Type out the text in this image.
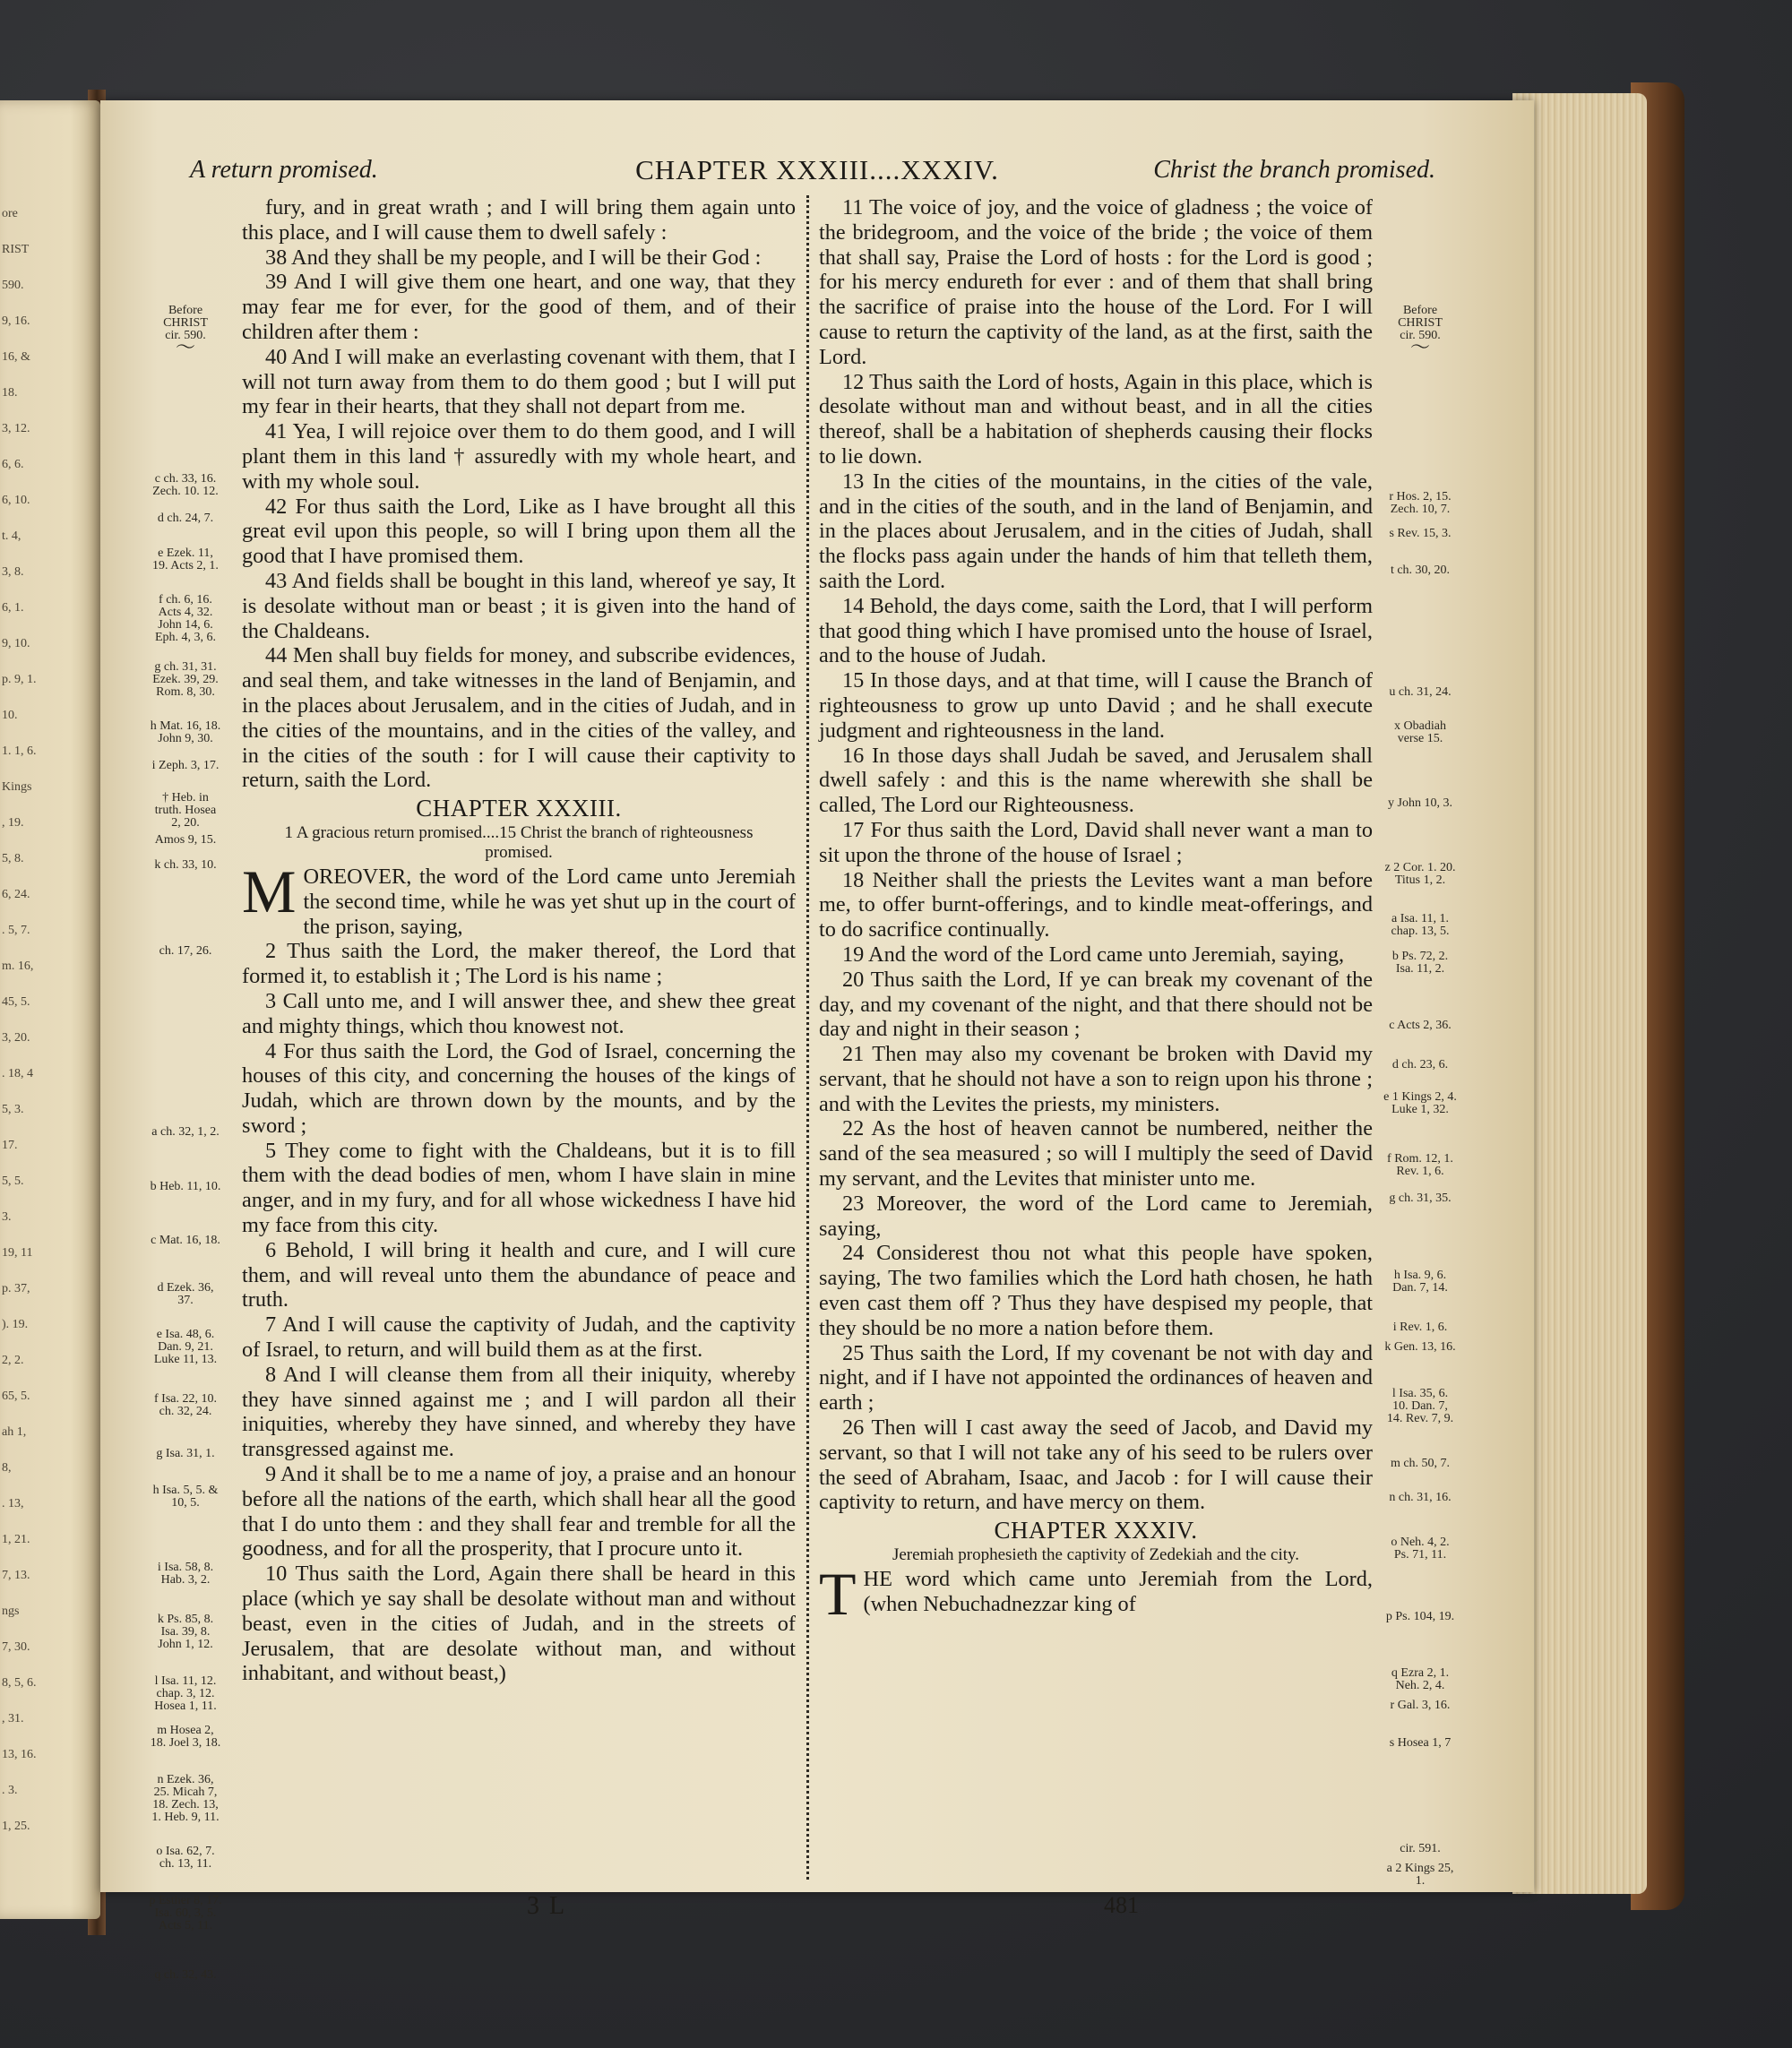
ore
RIST
590.
9, 16.
16, &
18.
3, 12.
6, 6.
6, 10.
t. 4,
3, 8.
6, 1.
9, 10.
p. 9, 1.
10.
1. 1, 6.
Kings
, 19.
5, 8.
6, 24.
. 5, 7.
m. 16,
45, 5.
3, 20.
. 18, 4
5, 3.
17.
5, 5.
3.
19, 11
p. 37,
). 19.
2, 2.
65, 5.
ah 1,
8,
. 13,
1, 21.
7, 13.
ngs
7, 30.
8, 5, 6.
, 31.
13, 16.
. 3.
1, 25.
CHAPTER XXXIII....XXXIV.
A return promised.	Christ the branch promised.
Before
CHRIST
cir. 590.
〜
c ch. 33, 16. Zech. 10. 12.
d ch. 24, 7.
e Ezek. 11, 19. Acts 2, 1.
f ch. 6, 16. Acts 4, 32. John 14, 6. Eph. 4, 3, 6.
g ch. 31, 31. Ezek. 39, 29. Rom. 8, 30.
h Mat. 16, 18. John 9, 30.
i Zeph. 3, 17.
† Heb. in truth. Hosea 2, 20.
Amos 9, 15.
k ch. 33, 10.
ch. 17, 26.
a ch. 32, 1, 2.
b Heb. 11, 10.
c Mat. 16, 18.
d Ezek. 36, 37.
e Isa. 48, 6. Dan. 9, 21. Luke 11, 13.
f Isa. 22, 10. ch. 32, 24.
g Isa. 31, 1.
h Isa. 5, 5. & 10, 5.
i Isa. 58, 8. Hab. 3, 2.
k Ps. 85, 8. Isa. 39, 8. John 1, 12.
l Isa. 11, 12. chap. 3, 12. Hosea 1, 11.
m Hosea 2, 18. Joel 3, 18.
n Ezek. 36, 25. Micah 7, 18. Zech. 13, 1. Heb. 9, 11.
o Isa. 62, 7. ch. 13, 11.
p Esther 8, 17. Isa. 60, 3, 5. Acts 5, 11.
q ch. 32, 43.
Before
CHRIST
cir. 590.
〜
r Hos. 2, 15. Zech. 10, 7.
s Rev. 15, 3.
t ch. 30, 20.
u ch. 31, 24.
x Obadiah verse 15.
y John 10, 3.
z 2 Cor. 1. 20. Titus 1, 2.
a Isa. 11, 1. chap. 13, 5.
b Ps. 72, 2. Isa. 11, 2.
c Acts 2, 36.
d ch. 23, 6.
e 1 Kings 2, 4. Luke 1, 32.
f Rom. 12, 1. Rev. 1, 6.
g ch. 31, 35.
h Isa. 9, 6. Dan. 7, 14.
i Rev. 1, 6.
k Gen. 13, 16.
l Isa. 35, 6. 10. Dan. 7, 14. Rev. 7, 9.
m ch. 50, 7.
n ch. 31, 16.
o Neh. 4, 2. Ps. 71, 11.
p Ps. 104, 19.
q Ezra 2, 1. Neh. 2, 4.
r Gal. 3, 16.
s Hosea 1, 7
cir. 591.
a 2 Kings 25, 1.

fury, and in great wrath ; and I will bring them again unto this place, and I will cause them to dwell safely :

38 And they shall be my people, and I will be their God :

39 And I will give them one heart, and one way, that they may fear me for ever, for the good of them, and of their children after them :

40 And I will make an everlasting covenant with them, that I will not turn away from them to do them good ; but I will put my fear in their hearts, that they shall not depart from me.

41 Yea, I will rejoice over them to do them good, and I will plant them in this land † assuredly with my whole heart, and with my whole soul.

42 For thus saith the Lord, Like as I have brought all this great evil upon this people, so will I bring upon them all the good that I have promised them.

43 And fields shall be bought in this land, whereof ye say, It is desolate without man or beast ; it is given into the hand of the Chaldeans.

44 Men shall buy fields for money, and subscribe evidences, and seal them, and take witnesses in the land of Benjamin, and in the places about Jerusalem, and in the cities of Judah, and in the cities of the mountains, and in the cities of the valley, and in the cities of the south : for I will cause their captivity to return, saith the Lord.

CHAPTER XXXIII.

1 A gracious return promised....15 Christ the branch of righteousness promised.

MOREOVER, the word of the Lord came unto Jeremiah the second time, while he was yet shut up in the court of the prison, saying,

2 Thus saith the Lord, the maker thereof, the Lord that formed it, to establish it ; The Lord is his name ;

3 Call unto me, and I will answer thee, and shew thee great and mighty things, which thou knowest not.

4 For thus saith the Lord, the God of Israel, concerning the houses of this city, and concerning the houses of the kings of Judah, which are thrown down by the mounts, and by the sword ;

5 They come to fight with the Chaldeans, but it is to fill them with the dead bodies of men, whom I have slain in mine anger, and in my fury, and for all whose wickedness I have hid my face from this city.

6 Behold, I will bring it health and cure, and I will cure them, and will reveal unto them the abundance of peace and truth.

7 And I will cause the captivity of Judah, and the captivity of Israel, to return, and will build them as at the first.

8 And I will cleanse them from all their iniquity, whereby they have sinned against me ; and I will pardon all their iniquities, whereby they have sinned, and whereby they have transgressed against me.

9 And it shall be to me a name of joy, a praise and an honour before all the nations of the earth, which shall hear all the good that I do unto them : and they shall fear and tremble for all the goodness, and for all the prosperity, that I procure unto it.

10 Thus saith the Lord, Again there shall be heard in this place (which ye say shall be desolate without man and without beast, even in the cities of Judah, and in the streets of Jerusalem, that are desolate without man, and without inhabitant, and without beast,)

11 The voice of joy, and the voice of gladness ; the voice of the bridegroom, and the voice of the bride ; the voice of them that shall say, Praise the Lord of hosts : for the Lord is good ; for his mercy endureth for ever : and of them that shall bring the sacrifice of praise into the house of the Lord. For I will cause to return the captivity of the land, as at the first, saith the Lord.

12 Thus saith the Lord of hosts, Again in this place, which is desolate without man and without beast, and in all the cities thereof, shall be a habitation of shepherds causing their flocks to lie down.

13 In the cities of the mountains, in the cities of the vale, and in the cities of the south, and in the land of Benjamin, and in the places about Jerusalem, and in the cities of Judah, shall the flocks pass again under the hands of him that telleth them, saith the Lord.

14 Behold, the days come, saith the Lord, that I will perform that good thing which I have promised unto the house of Israel, and to the house of Judah.

15 In those days, and at that time, will I cause the Branch of righteousness to grow up unto David ; and he shall execute judgment and righteousness in the land.

16 In those days shall Judah be saved, and Jerusalem shall dwell safely : and this is the name wherewith she shall be called, The Lord our Righteousness.

17 For thus saith the Lord, David shall never want a man to sit upon the throne of the house of Israel ;

18 Neither shall the priests the Levites want a man before me, to offer burnt-offerings, and to kindle meat-offerings, and to do sacrifice continually.

19 And the word of the Lord came unto Jeremiah, saying,

20 Thus saith the Lord, If ye can break my covenant of the day, and my covenant of the night, and that there should not be day and night in their season ;

21 Then may also my covenant be broken with David my servant, that he should not have a son to reign upon his throne ; and with the Levites the priests, my ministers.

22 As the host of heaven cannot be numbered, neither the sand of the sea measured ; so will I multiply the seed of David my servant, and the Levites that minister unto me.

23 Moreover, the word of the Lord came to Jeremiah, saying,

24 Considerest thou not what this people have spoken, saying, The two families which the Lord hath chosen, he hath even cast them off ? Thus they have despised my people, that they should be no more a nation before them.

25 Thus saith the Lord, If my covenant be not with day and night, and if I have not appointed the ordinances of heaven and earth ;

26 Then will I cast away the seed of Jacob, and David my servant, so that I will not take any of his seed to be rulers over the seed of Abraham, Isaac, and Jacob : for I will cause their captivity to return, and have mercy on them.

CHAPTER XXXIV.

Jeremiah prophesieth the captivity of Zedekiah and the city.

THE word which came unto Jeremiah from the Lord, (when Nebuchadnezzar king of

3 L	481
